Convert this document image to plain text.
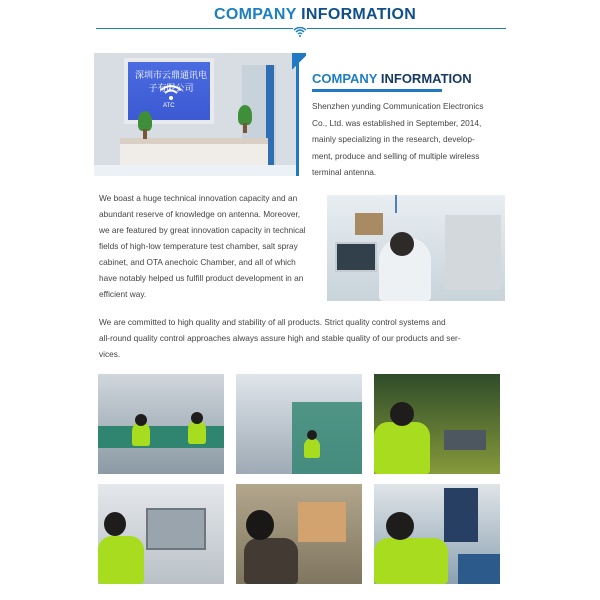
COMPANY INFORMATION
深圳市云鼎通讯电子有限公司
ATC
COMPANY INFORMATION
Shenzhen yunding Communication Electronics
Co., Ltd. was established in September, 2014,
mainly specializing in the research, develop-
ment, produce and selling of multiple wireless
terminal antenna.
We boast a huge technical innovation capacity and an
abundant reserve of knowledge on antenna. Moreover,
we are featured by great innovation capacity in technical
fields of high-low temperature test chamber, salt spray
cabinet, and OTA anechoic Chamber, and all of which
have notably helped us fulfill product development in an
efficient way.
We are committed to high quality and stability of all products. Strict quality control systems and
all-round quality control approaches always assure high and stable quality of our products and ser-
vices.
